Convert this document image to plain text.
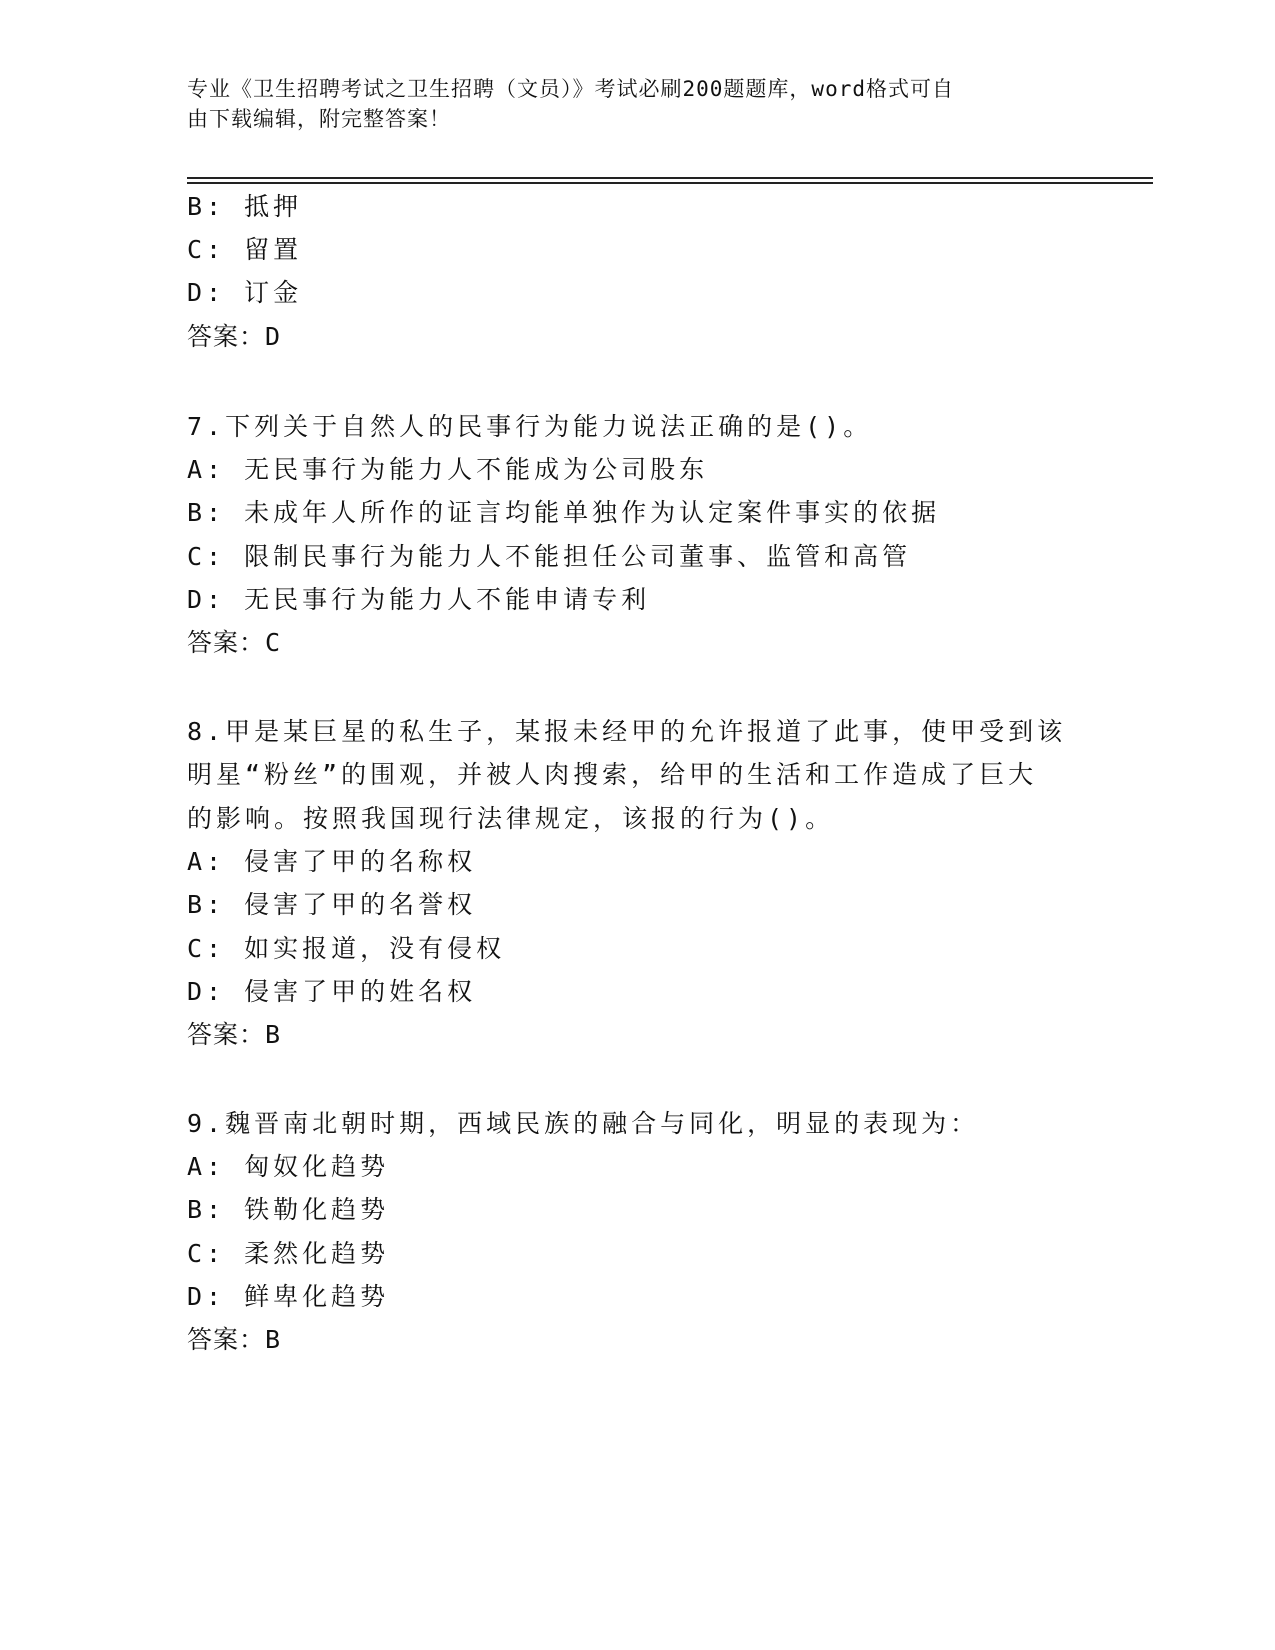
专业《卫生招聘考试之卫生招聘（文员）》考试必刷200题题库，word格式可自
由下载编辑，附完整答案！
B: 抵押
C: 留置
D: 订金
答案：D
7.下列关于自然人的民事行为能力说法正确的是()。
A: 无民事行为能力人不能成为公司股东
B: 未成年人所作的证言均能单独作为认定案件事实的依据
C: 限制民事行为能力人不能担任公司董事、监管和高管
D: 无民事行为能力人不能申请专利
答案：C
8.甲是某巨星的私生子，某报未经甲的允许报道了此事，使甲受到该
明星“粉丝”的围观，并被人肉搜索，给甲的生活和工作造成了巨大
的影响。按照我国现行法律规定，该报的行为()。
A: 侵害了甲的名称权
B: 侵害了甲的名誉权
C: 如实报道，没有侵权
D: 侵害了甲的姓名权
答案：B
9.魏晋南北朝时期，西域民族的融合与同化，明显的表现为：
A: 匈奴化趋势
B: 铁勒化趋势
C: 柔然化趋势
D: 鲜卑化趋势
答案：B
